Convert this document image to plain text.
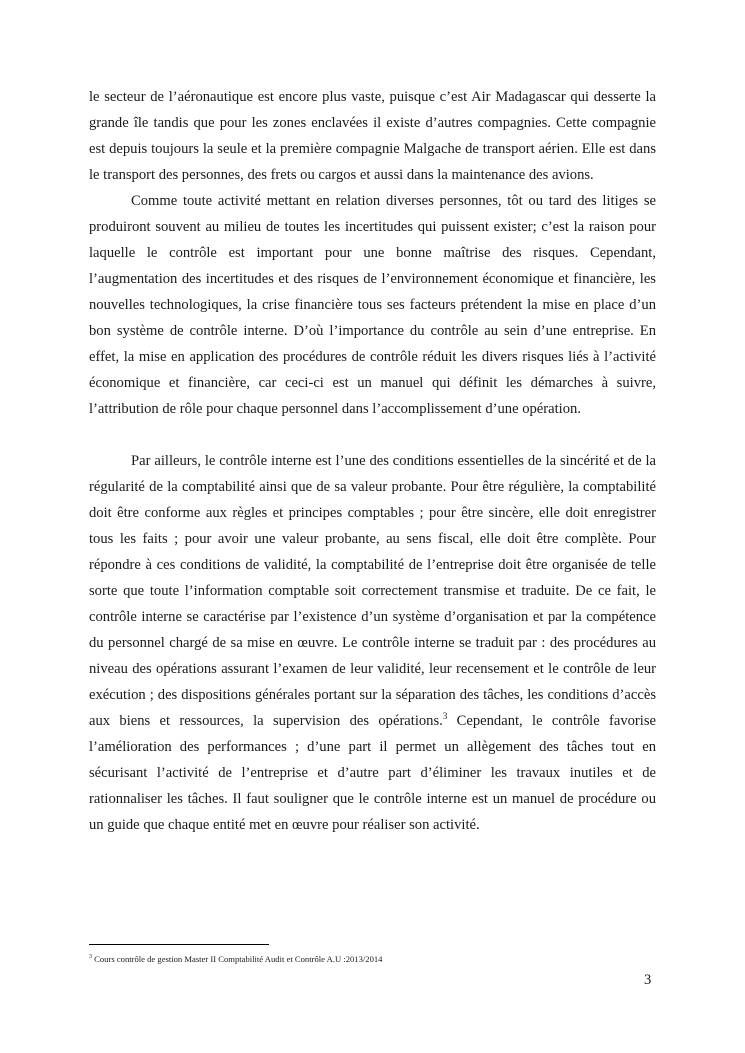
le secteur de l’aéronautique est encore plus vaste, puisque c’est Air Madagascar qui desserte la grande île tandis que pour les zones enclavées il existe d’autres compagnies. Cette compagnie est depuis toujours la seule et la première compagnie Malgache de transport aérien. Elle est dans le transport des personnes, des frets ou cargos et aussi dans la maintenance des avions.

Comme toute activité mettant en relation diverses personnes, tôt ou tard des litiges se produiront souvent au milieu de toutes les incertitudes qui puissent exister; c’est la raison pour laquelle le contrôle est important pour une bonne maîtrise des risques. Cependant, l’augmentation des incertitudes et des risques de l’environnement économique et financière, les nouvelles technologiques, la crise financière tous ses facteurs prétendent la mise en place d’un bon système de contrôle interne. D’où l’importance du contrôle au sein d’une entreprise. En effet, la mise en application des procédures de contrôle réduit les divers risques liés à l’activité économique et financière, car ceci-ci est un manuel qui définit les démarches à suivre, l’attribution de rôle pour chaque personnel dans l’accomplissement d’une opération.

Par ailleurs, le contrôle interne est l’une des conditions essentielles de la sincérité et de la régularité de la comptabilité ainsi que de sa valeur probante. Pour être régulière, la comptabilité doit être conforme aux règles et principes comptables ; pour être sincère, elle doit enregistrer tous les faits ; pour avoir une valeur probante, au sens fiscal, elle doit être complète. Pour répondre à ces conditions de validité, la comptabilité de l’entreprise doit être organisée de telle sorte que toute l’information comptable soit correctement transmise et traduite. De ce fait, le contrôle interne se caractérise par l’existence d’un système d’organisation et par la compétence du personnel chargé de sa mise en œuvre. Le contrôle interne se traduit par : des procédures au niveau des opérations assurant l’examen de leur validité, leur recensement et le contrôle de leur exécution ; des dispositions générales portant sur la séparation des tâches, les conditions d’accès aux biens et ressources, la supervision des opérations.$^3$ Cependant, le contrôle favorise l’amélioration des performances ; d’une part il permet un allègement des tâches tout en sécurisant l’activité de l’entreprise et d’autre part d’éliminer les travaux inutiles et de rationnaliser les tâches. Il faut souligner que le contrôle interne est un manuel de procédure ou un guide que chaque entité met en œuvre pour réaliser son activité.

$^3$ Cours contrôle de gestion Master II Comptabilité Audit et Contrôle A.U :2013/2014
3
